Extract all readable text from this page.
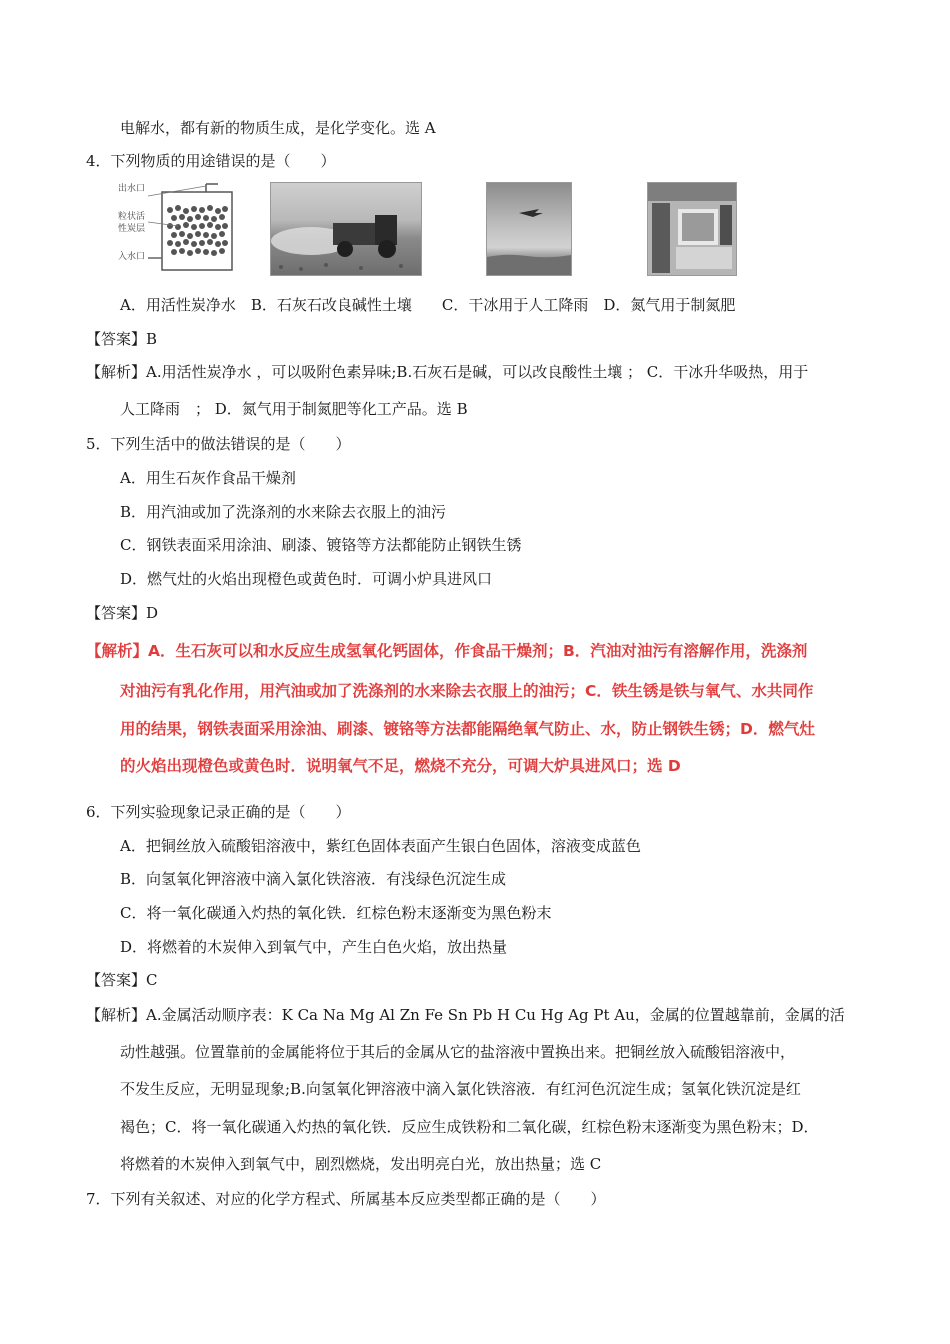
电解水，都有新的物质生成，是化学变化。选 A
4．下列物质的用途错误的是（　　）
出水口
粒状活
性炭层
入水口
A．用活性炭净水　B．石灰石改良碱性土壤　　C．干冰用于人工降雨　D．氮气用于制氮肥
【答案】B
【解析】A.用活性炭净水 ，可以吸附色素异味;B.石灰石是碱，可以改良酸性土壤 ； C．干冰升华吸热，用于
人工降雨　； D．氮气用于制氮肥等化工产品。选 B
5．下列生活中的做法错误的是（　　）
A．用生石灰作食品干燥剂
B．用汽油或加了洗涤剂的水来除去衣服上的油污
C．钢铁表面采用涂油、刷漆、镀铬等方法都能防止钢铁生锈
D．燃气灶的火焰出现橙色或黄色时．可调小炉具进风口
【答案】D
【解析】A．生石灰可以和水反应生成氢氧化钙固体，作食品干燥剂；B．汽油对油污有溶解作用，洗涤剂
对油污有乳化作用，用汽油或加了洗涤剂的水来除去衣服上的油污；C．铁生锈是铁与氧气、水共同作
用的结果，钢铁表面采用涂油、刷漆、镀铬等方法都能隔绝氧气防止、水，防止钢铁生锈；D．燃气灶
的火焰出现橙色或黄色时．说明氧气不足，燃烧不充分，可调大炉具进风口；选 D
6．下列实验现象记录正确的是（　　）
A．把铜丝放入硫酸铝溶液中，紫红色固体表面产生银白色固体，溶液变成蓝色
B．向氢氧化钾溶液中滴入氯化铁溶液．有浅绿色沉淀生成
C．将一氧化碳通入灼热的氧化铁．红棕色粉末逐渐变为黑色粉末
D．将燃着的木炭伸入到氧气中，产生白色火焰，放出热量
【答案】C
【解析】A.金属活动顺序表：K Ca Na Mg Al Zn Fe Sn Pb H Cu Hg Ag Pt Au，金属的位置越靠前，金属的活
动性越强。位置靠前的金属能将位于其后的金属从它的盐溶液中置换出来。把铜丝放入硫酸铝溶液中，
不发生反应，无明显现象;B.向氢氧化钾溶液中滴入氯化铁溶液．有红河色沉淀生成；氢氧化铁沉淀是红
褐色；C．将一氧化碳通入灼热的氧化铁．反应生成铁粉和二氧化碳，红棕色粉末逐渐变为黑色粉末；D．
将燃着的木炭伸入到氧气中，剧烈燃烧，发出明亮白光，放出热量；选 C
7．下列有关叙述、对应的化学方程式、所属基本反应类型都正确的是（　　）
